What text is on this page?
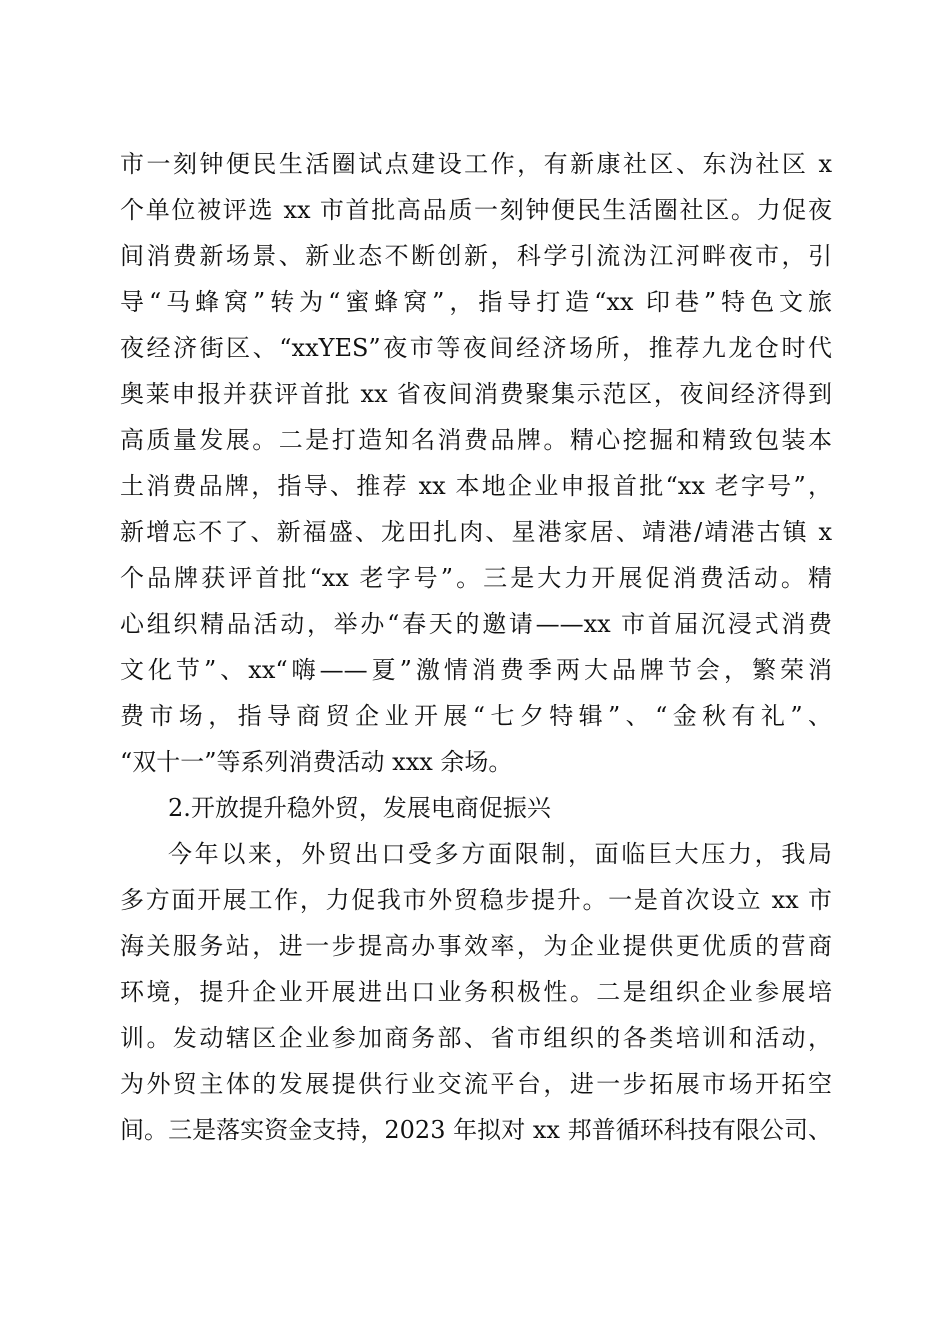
市一刻钟便民生活圈试点建设工作，有新康社区、东沩社区 x
个单位被评选 xx 市首批高品质一刻钟便民生活圈社区。力促夜
间消费新场景、新业态不断创新，科学引流沩江河畔夜市，引
导“马蜂窝”转为“蜜蜂窝”，指导打造“xx 印巷”特色文旅
夜经济街区、“xxYES”夜市等夜间经济场所，推荐九龙仓时代
奥莱申报并获评首批 xx 省夜间消费聚集示范区，夜间经济得到
高质量发展。二是打造知名消费品牌。精心挖掘和精致包装本
土消费品牌，指导、推荐 xx 本地企业申报首批“xx 老字号”，
新增忘不了、新福盛、龙田扎肉、星港家居、靖港/靖港古镇 x
个品牌获评首批“xx 老字号”。三是大力开展促消费活动。精
心组织精品活动，举办“春天的邀请——xx 市首届沉浸式消费
文化节”、xx“嗨——夏”激情消费季两大品牌节会，繁荣消
费市场，指导商贸企业开展“七夕特辑”、“金秋有礼”、
“双十一”等系列消费活动 xxx 余场。
2.开放提升稳外贸，发展电商促振兴
今年以来，外贸出口受多方面限制，面临巨大压力，我局
多方面开展工作，力促我市外贸稳步提升。一是首次设立 xx 市
海关服务站，进一步提高办事效率，为企业提供更优质的营商
环境，提升企业开展进出口业务积极性。二是组织企业参展培
训。发动辖区企业参加商务部、省市组织的各类培训和活动，
为外贸主体的发展提供行业交流平台，进一步拓展市场开拓空
间。三是落实资金支持，2023 年拟对 xx 邦普循环科技有限公司、
